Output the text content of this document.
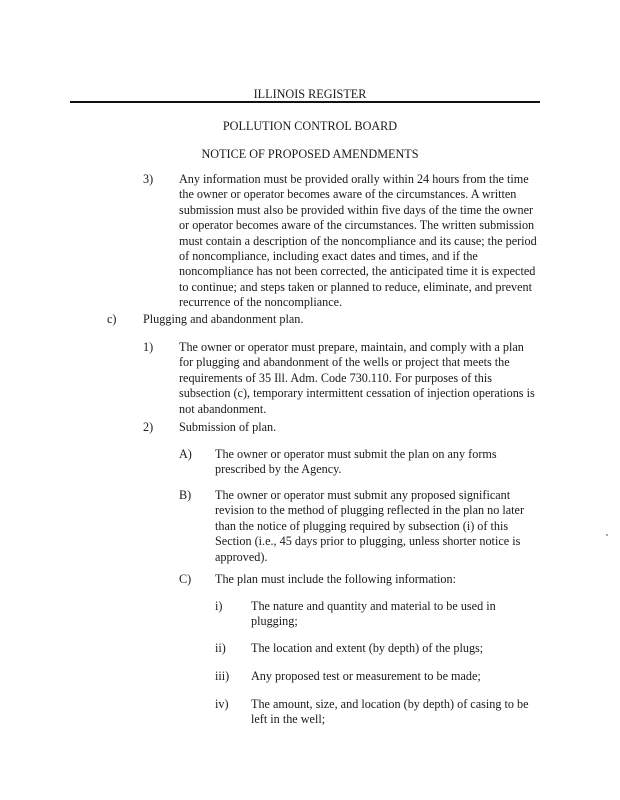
ILLINOIS REGISTER
POLLUTION CONTROL BOARD
NOTICE OF PROPOSED AMENDMENTS
3) Any information must be provided orally within 24 hours from the time the owner or operator becomes aware of the circumstances. A written submission must also be provided within five days of the time the owner or operator becomes aware of the circumstances. The written submission must contain a description of the noncompliance and its cause; the period of noncompliance, including exact dates and times, and if the noncompliance has not been corrected, the anticipated time it is expected to continue; and steps taken or planned to reduce, eliminate, and prevent recurrence of the noncompliance.
c) Plugging and abandonment plan.
1) The owner or operator must prepare, maintain, and comply with a plan for plugging and abandonment of the wells or project that meets the requirements of 35 Ill. Adm. Code 730.110. For purposes of this subsection (c), temporary intermittent cessation of injection operations is not abandonment.
2) Submission of plan.
A) The owner or operator must submit the plan on any forms prescribed by the Agency.
B) The owner or operator must submit any proposed significant revision to the method of plugging reflected in the plan no later than the notice of plugging required by subsection (i) of this Section (i.e., 45 days prior to plugging, unless shorter notice is approved).
C) The plan must include the following information:
i) The nature and quantity and material to be used in plugging;
ii) The location and extent (by depth) of the plugs;
iii) Any proposed test or measurement to be made;
iv) The amount, size, and location (by depth) of casing to be left in the well;
